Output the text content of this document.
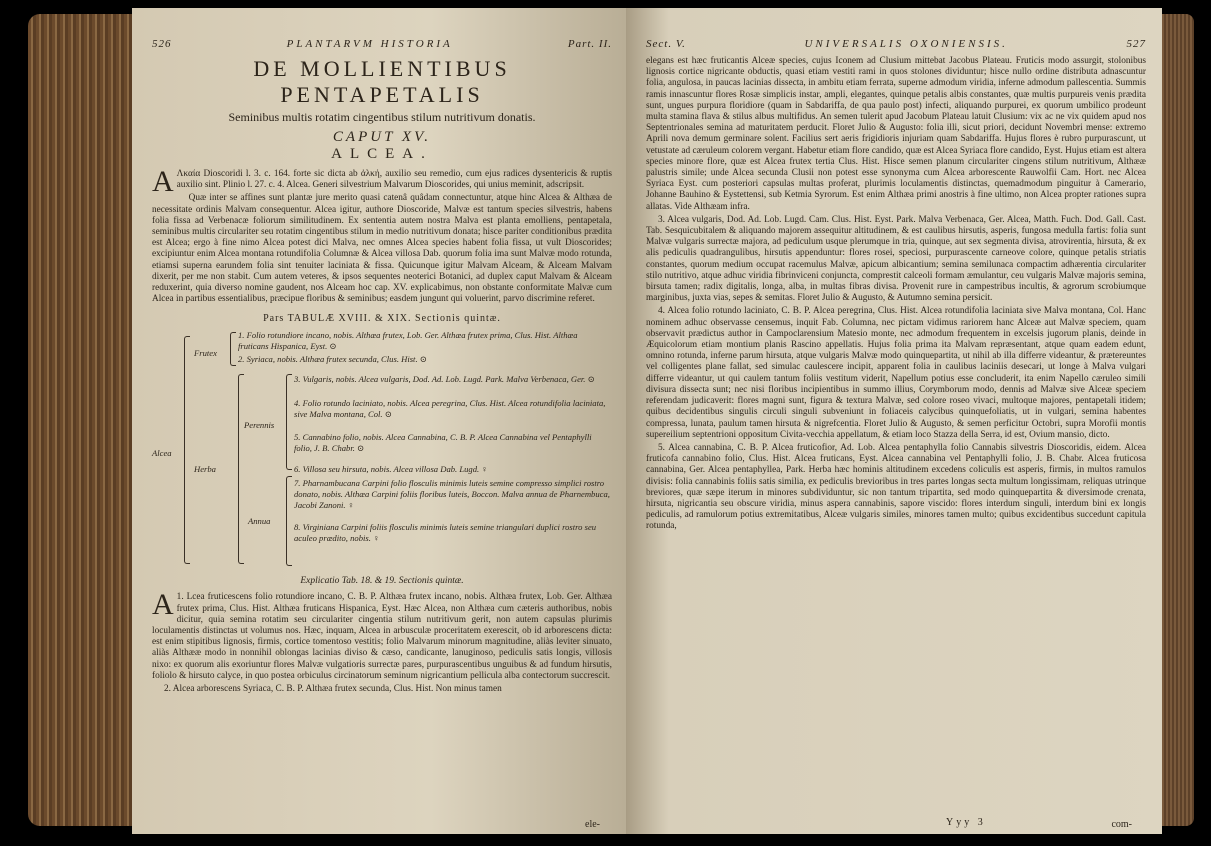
526	PLANTARVM HISTORIA	Part. II.
DE MOLLIENTIBUS PENTAPETALIS
Seminibus multis rotatim cingentibus stilum nutritivum donatis.
CAPUT XV.
ALCEA.

A Λκαία Dioscoridi l. 3. c. 164. forte sic dicta ab ἀλκή, auxilio seu remedio, cum ejus radices dysentericis & ruptis auxilio sint. Plinio l. 27. c. 4. Alcea. Generi silvestrium Malvarum Dioscorides, qui unius meminit, adscripsit.

Quæ inter se affines sunt plantæ jure merito quasi catenâ quâdam connectuntur, atque hinc Alcea & Althæa de necessitate ordinis Malvam consequentur. Alcea igitur, authore Dioscoride, Malvæ est tantum species silvestris, habens folia fissa ad Verbenacæ foliorum similitudinem. Ex sententia autem nostra Malva est planta emolliens, pentapetala, seminibus multis circulariter seu rotatim cingentibus stilum in medio nutritivum donata; hisce pariter conditionibus prædita est Alcea; ergo à fine nimo Alcea potest dici Malva, nec omnes Alcea species habent folia fissa, ut vult Dioscorides; excipiuntur enim Alcea montana rotundifolia Columnæ & Alcea villosa Dab. quorum folia ima sunt Malvæ modo rotunda, etiamsi superna earundem folia sint tenuiter laciniata & fissa. Quicunque igitur Malvam Alceam, & Alceam Malvam dixerit, per me non stabit. Cum autem veteres, & ipsos sequentes neoterici Botanici, ad duplex caput Malvam & Alceam reduxerint, quia diverso nomine gaudent, nos Alceam hoc cap. XV. explicabimus, non obstante conformitate Malvæ cum Alcea in partibus essentialibus, præcipue floribus & seminibus; easdem jungunt qui voluerint, parvo discrimine referet.

Pars TABULÆ XVIII. & XIX. Sectionis quintæ.
Alcea
Frutex
Herba
Perennis
Annua
1. Folio rotundiore incano, nobis. Althæa frutex, Lob. Ger. Althæa frutex prima, Clus. Hist. Althæa fruticans Hispanica, Eyst. ⊙
2. Syriaca, nobis. Althæa frutex secunda, Clus. Hist. ⊙
3. Vulgaris, nobis. Alcea vulgaris, Dod. Ad. Lob. Lugd. Park. Malva Verbenaca, Ger. ⊙
4. Folio rotundo laciniato, nobis. Alcea peregrina, Clus. Hist. Alcea rotundifolia laciniata, sive Malva montana, Col. ⊙
5. Cannabino folio, nobis. Alcea Cannabina, C. B. P. Alcea Cannabina vel Pentaphylli folio, J. B. Chabr. ⊙
6. Villosa seu hirsuta, nobis. Alcea villosa Dab. Lugd. ♀
7. Pharnambucana Carpini folio flosculis minimis luteis semine compresso simplici rostro donato, nobis. Althæa Carpini foliis floribus luteis, Boccon. Malva annua de Pharnembuca, Jacobi Zanoni. ♀
8. Virginiana Carpini foliis flosculis minimis luteis semine triangulari duplici rostro seu aculeo prædito, nobis. ♀
Explicatio Tab. 18. & 19. Sectionis quintæ.

A 1. Lcea fruticescens folio rotundiore incano, C. B. P. Althæa frutex incano, nobis. Althæa frutex, Lob. Ger. Althæa frutex prima, Clus. Hist. Althæa fruticans Hispanica, Eyst. Hæc Alcea, non Althæa cum cæteris authoribus, nobis dicitur, quia semina rotatim seu circulariter cingentia stilum nutritivum gerit, non autem capsulas plurimis loculamentis distinctas ut volumus nos. Hæc, inquam, Alcea in arbusculæ proceritatem exerescit, ob id arborescens dicta: est enim stipitibus lignosis, firmis, cortice tomentoso vestitis; folio Malvarum minorum magnitudine, aliàs leviter sinuato, aliàs Althææ modo in nonnihil oblongas lacinias diviso & cæso, candicante, lanuginoso, pediculis satis longis, villosis nixo: ex quorum alis exoriuntur flores Malvæ vulgatioris surrectæ pares, purpurascentibus unguibus & ad fundum hirsutis, foliolo & hirsuto calyce, in quo postea orbiculus circinatorum seminum nigricantium pellicula alba contectorum succrescit.

2. Alcea arborescens Syriaca, C. B. P. Althæa frutex secunda, Clus. Hist. Non minus tamen

ele-
Sect. V.	UNIVERSALIS OXONIENSIS.	527

elegans est hæc fruticantis Alceæ species, cujus Iconem ad Clusium mittebat Jacobus Plateau. Fruticis modo assurgit, stolonibus lignosis cortice nigricante obductis, quasi etiam vestiti rami in quos stolones dividuntur; hisce nullo ordine distributa adnascuntur folia, angulosa, in paucas lacinias dissecta, in ambitu etiam ferrata, superne admodum viridia, inferne admodum pallescentia. Summis ramis innascuntur flores Rosæ simplicis instar, ampli, elegantes, quinque petalis albis constantes, quæ multis purpureis venis prædita sunt, ungues purpura floridiore (quam in Sabdariffa, de qua paulo post) infecti, aliquando purpurei, ex quorum umbilico prodeunt multa stamina flava & stilus albus multifidus. An semen tulerit apud Jacobum Plateau latuit Clusium: vix ac ne vix quidem apud nos Septentrionales semina ad maturitatem perducit. Floret Julio & Augusto: folia illi, sicut priori, decidunt Novembri mense: extremo Aprili nova demum germinare solent. Facilius sert aeris frigidioris injuriam quam Sabdariffa. Hujus flores è rubro purpurascunt, ut vetustate ad cæruleum colorem vergant. Habetur etiam flore candido, quæ est Alcea Syriaca flore candido, Eyst. Hujus etiam est altera species minore flore, quæ est Alcea frutex tertia Clus. Hist. Hisce semen planum circulariter cingens stilum nutritivum, Althææ palustris simile; unde Alcea secunda Clusii non potest esse synonyma cum Alcea arborescente Rauwolfii Cam. Hort. nec Alcea Syriaca Eyst. cum posteriori capsulas multas proferat, plurimis loculamentis distinctas, quemadmodum pinguitur à Camerario, Johanne Bauhino & Eystettensi, sub Ketmia Syrorum. Est enim Althæa primi anostris à fine ultimo, non Alcea propter rationes supra allatas. Vide Althæam infra.

3. Alcea vulgaris, Dod. Ad. Lob. Lugd. Cam. Clus. Hist. Eyst. Park. Malva Verbenaca, Ger. Alcea, Matth. Fuch. Dod. Gall. Cast. Tab. Sesquicubitalem & aliquando majorem assequitur altitudinem, & est caulibus hirsutis, asperis, fungosa medulla fartis: folia sunt Malvæ vulgaris surrectæ majora, ad pediculum usque plerumque in tria, quinque, aut sex segmenta divisa, atrovirentia, hirsuta, & ex alis pediculis quadrangulibus, hirsutis appenduntur: flores rosei, speciosi, purpurascente carneove colore, quinque petalis striatis constantes, quorum medium occupat racemulus Malvæ, apicum albicantium; semina semilunaca compactim adhærentia circulariter stilo nutritivo, atque adhuc viridia fibrinviceni conjuncta, comprestit calceoli formam æmulantur, ceu vulgaris Malvæ majoris semina, birsuta tamen; radix digitalis, longa, alba, in multas fibras divisa. Provenit rure in campestribus incultis, & agrorum scrobiumque marginibus, juxta vias, sepes & semitas. Floret Julio & Augusto, & Autumno semina persicit.

4. Alcea folio rotundo laciniato, C. B. P. Alcea peregrina, Clus. Hist. Alcea rotundifolia laciniata sive Malva montana, Col. Hanc nominem adhuc observasse censemus, inquit Fab. Columna, nec pictam vidimus rariorem hanc Alceæ aut Malvæ speciem, quam observavit prædictus author in Campoclarensium Matesio monte, nec admodum frequentem in excelsis jugorum planis, deinde in Æquicolorum etiam montium planis Rascino appellatis. Hujus folia prima ita Malvam repræsentant, atque quam eadem edunt, omnino rotunda, inferne parum hirsuta, atque vulgaris Malvæ modo quinquepartita, ut nihil ab illa differre videantur, & prætereuntes vel colligentes plane fallat, sed simulac caulescere incipit, apparent folia in caulibus laciniis desecari, ut longe à Malva vulgari differre videantur, ut qui caulem tantum foliis vestitum viderit, Napellum potius esse concluderit, ita enim Napello cæruleo simili divisura dissecta sunt; nec nisi floribus incipientibus in summo illius, Corymborum modo, dennis ad Malvæ sive Alceæ speciem referendam judicaverit: flores magni sunt, figura & textura Malvæ, sed colore roseo vivaci, multoque majores, pentapetali itidem; quibus decidentibus singulis circuli singuli subveniunt in foliaceis calycibus quinquefoliatis, ut in vulgari, semina habentes compressa, lunata, paulum tamen hirsuta & nigrefcentia. Floret Julio & Augusto, & semen perficitur Octobri, supra Morofii montis supereilium septentrioni oppositum Civita-vecchia appellatum, & etiam loco Stazza della Serra, id est, Ovium mansio, dicto.

5. Alcea cannabina, C. B. P. Alcea fruticofior, Ad. Lob. Alcea pentaphylla folio Cannabis silvestris Dioscoridis, eidem. Alcea fruticofa cannabino folio, Clus. Hist. Alcea fruticans, Eyst. Alcea cannabina vel Pentaphylli folio, J. B. Chabr. Alcea fruticosa cannabina, Ger. Alcea pentaphyllea, Park. Herba hæc hominis altitudinem excedens coliculis est asperis, firmis, in multos ramulos divisis: folia cannabinis foliis satis similia, ex pediculis brevioribus in tres partes longas secta multum longissimam, reliquas utrinque breviores, quæ sæpe iterum in minores subdividuntur, sic non tantum tripartita, sed modo quinquepartita & diversimode crenata, hirsuta, nigricantia seu obscure viridia, minus aspera cannabinis, sapore viscido: flores interdum singuli, interdum bini ex longis pediculis, ad ramulorum potius extremitatibus, Alceæ vulgaris similes, minores tamen multo; quibus excidentibus succedunt capitula rotunda,

Yyy 3	com-
